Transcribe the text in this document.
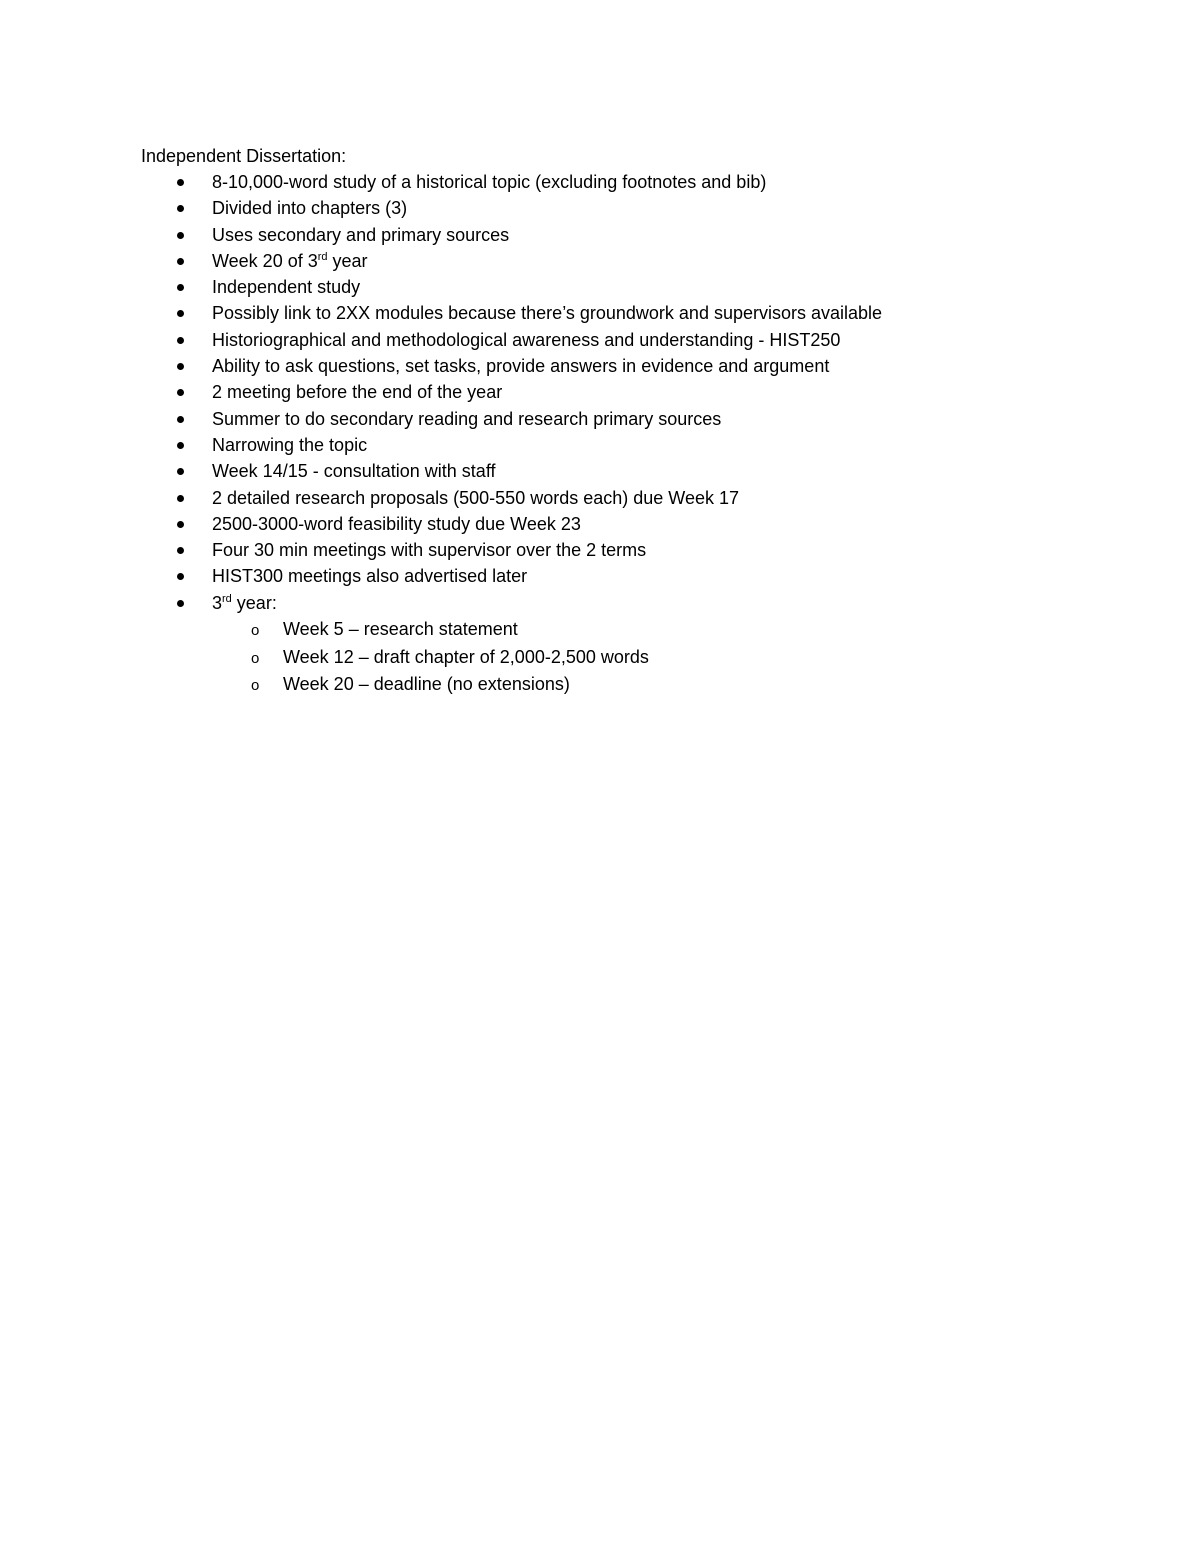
Independent Dissertation:
8-10,000-word study of a historical topic (excluding footnotes and bib)
Divided into chapters (3)
Uses secondary and primary sources
Week 20 of 3rd year
Independent study
Possibly link to 2XX modules because there’s groundwork and supervisors available
Historiographical and methodological awareness and understanding - HIST250
Ability to ask questions, set tasks, provide answers in evidence and argument
2 meeting before the end of the year
Summer to do secondary reading and research primary sources
Narrowing the topic
Week 14/15 - consultation with staff
2 detailed research proposals (500-550 words each) due Week 17
2500-3000-word feasibility study due Week 23
Four 30 min meetings with supervisor over the 2 terms
HIST300 meetings also advertised later
3rd year:
o Week 5 – research statement
o Week 12 – draft chapter of 2,000-2,500 words
o Week 20 – deadline (no extensions)
